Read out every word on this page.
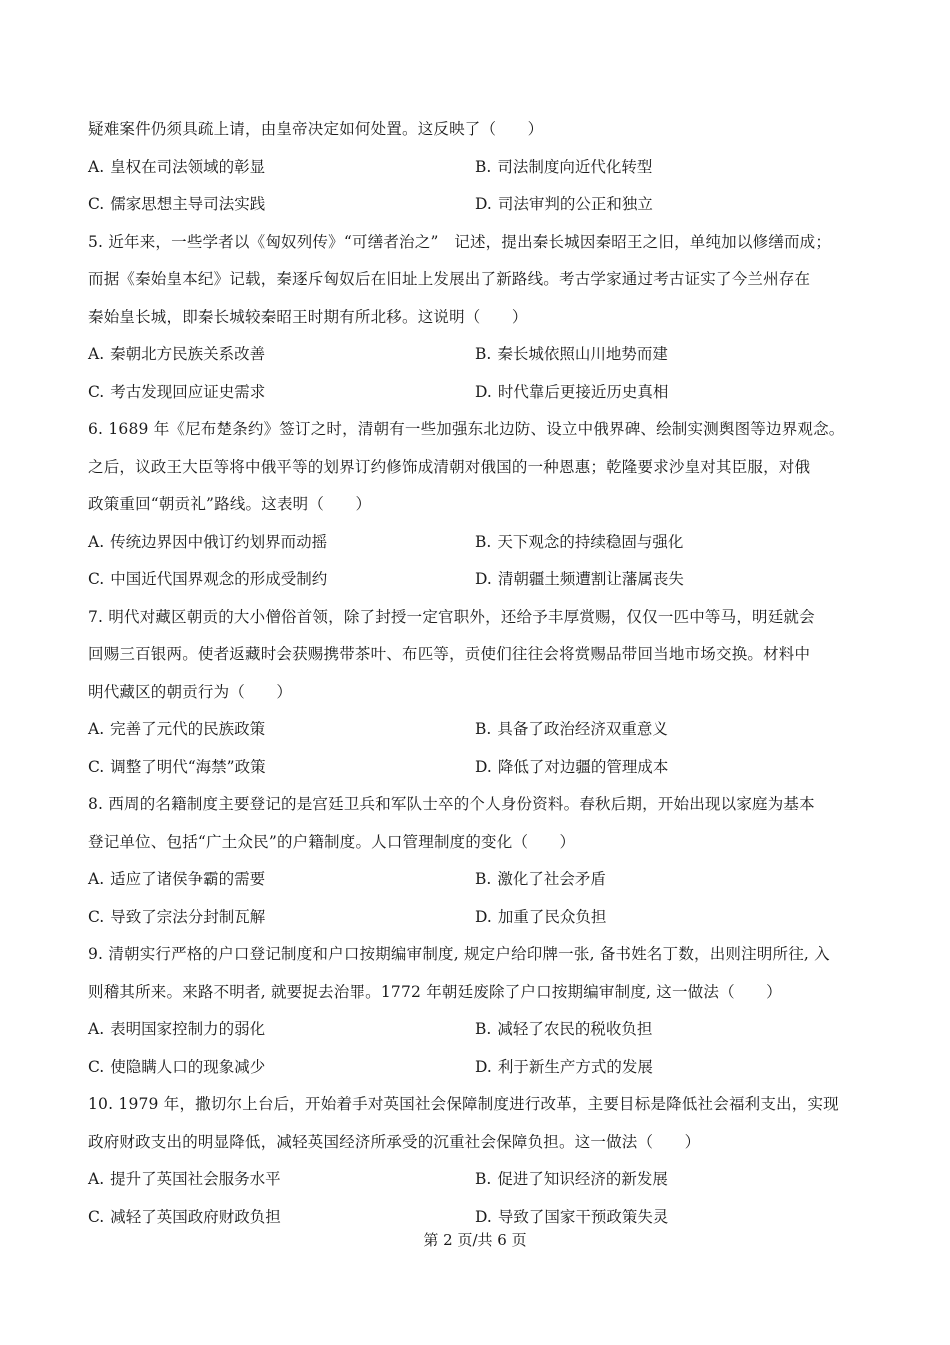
疑难案件仍须具疏上请，由皇帝决定如何处置。这反映了（　　）
A. 皇权在司法领域的彰显	B. 司法制度向近代化转型
C. 儒家思想主导司法实践	D. 司法审判的公正和独立
5. 近年来，一些学者以《匈奴列传》“可缮者治之”　记述，提出秦长城因秦昭王之旧，单纯加以修缮而成；
而据《秦始皇本纪》记载，秦逐斥匈奴后在旧址上发展出了新路线。考古学家通过考古证实了今兰州存在
秦始皇长城，即秦长城较秦昭王时期有所北移。这说明（　　）
A. 秦朝北方民族关系改善	B. 秦长城依照山川地势而建
C. 考古发现回应证史需求	D. 时代靠后更接近历史真相
6. 1689 年《尼布楚条约》签订之时，清朝有一些加强东北边防、设立中俄界碑、绘制实测舆图等边界观念。
之后，议政王大臣等将中俄平等的划界订约修饰成清朝对俄国的一种恩惠；乾隆要求沙皇对其臣服，对俄
政策重回“朝贡礼”路线。这表明（　　）
A. 传统边界因中俄订约划界而动摇	B. 天下观念的持续稳固与强化
C. 中国近代国界观念的形成受制约	D. 清朝疆土频遭割让藩属丧失
7. 明代对藏区朝贡的大小僧俗首领，除了封授一定官职外，还给予丰厚赏赐，仅仅一匹中等马，明廷就会
回赐三百银两。使者返藏时会获赐携带茶叶、布匹等，贡使们往往会将赏赐品带回当地市场交换。材料中
明代藏区的朝贡行为（　　）
A. 完善了元代的民族政策	B. 具备了政治经济双重意义
C. 调整了明代“海禁”政策	D. 降低了对边疆的管理成本
8. 西周的名籍制度主要登记的是宫廷卫兵和军队士卒的个人身份资料。春秋后期，开始出现以家庭为基本
登记单位、包括“广土众民”的户籍制度。人口管理制度的变化（　　）
A. 适应了诸侯争霸的需要	B. 激化了社会矛盾
C. 导致了宗法分封制瓦解	D. 加重了民众负担
9. 清朝实行严格的户口登记制度和户口按期编审制度, 规定户给印牌一张, 备书姓名丁数，出则注明所往, 入
则稽其所来。来路不明者, 就要捉去治罪。1772 年朝廷废除了户口按期编审制度, 这一做法（　　）
A. 表明国家控制力的弱化	B. 减轻了农民的税收负担
C. 使隐瞒人口的现象减少	D. 利于新生产方式的发展
10. 1979 年，撒切尔上台后，开始着手对英国社会保障制度进行改革，主要目标是降低社会福利支出，实现
政府财政支出的明显降低，减轻英国经济所承受的沉重社会保障负担。这一做法（　　）
A. 提升了英国社会服务水平	B. 促进了知识经济的新发展
C. 减轻了英国政府财政负担	D. 导致了国家干预政策失灵
第 2 页/共 6 页
